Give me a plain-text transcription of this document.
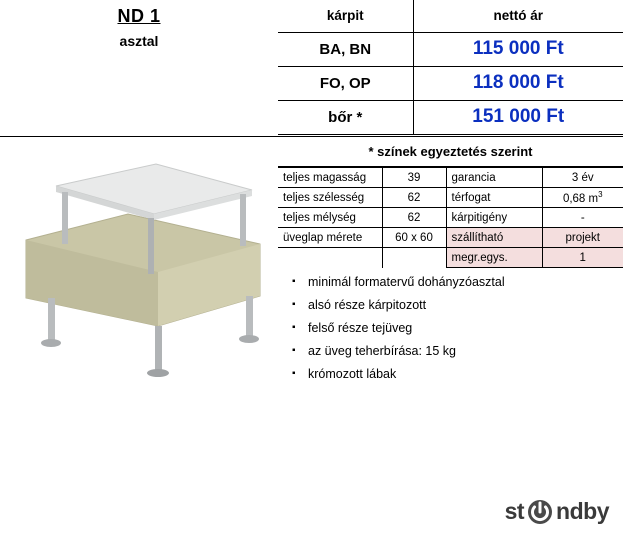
ND 1
asztal
kárpit	nettó ár
BA, BN	115 000 Ft
FO, OP	118 000 Ft
bőr *	151 000 Ft
* színek egyeztetés szerint
teljes magasság	39	garancia	3 év
teljes szélesség	62	térfogat	0,68 $m^3$
teljes mélység	62	kárpitigény	-
üveglap mérete	60 x 60	szállítható	projekt
		megr.egys.	1
▪ minimál formatervű dohányzóasztal
▪ alsó része kárpitozott
▪ felső része tejüveg
▪ az üveg teherbírása: 15 kg
▪ krómozott lábak
st ndby
